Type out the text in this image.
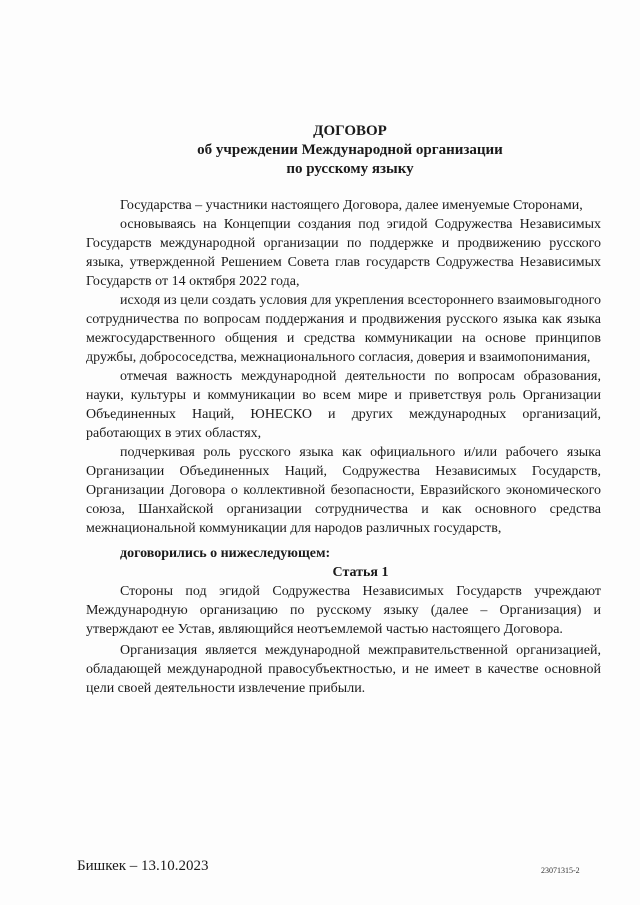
ДОГОВОР
об учреждении Международной организации
по русскому языку

Государства – участники настоящего Договора, далее именуемые Сторонами,

основываясь на Концепции создания под эгидой Содружества Независимых Государств международной организации по поддержке и продвижению русского языка, утвержденной Решением Совета глав государств Содружества Независимых Государств от 14 октября 2022 года,

исходя из цели создать условия для укрепления всестороннего взаимовыгодного сотрудничества по вопросам поддержания и продвижения русского языка как языка межгосударственного общения и средства коммуникации на основе принципов дружбы, добрососедства, межнационального согласия, доверия и взаимопонимания,

отмечая важность международной деятельности по вопросам образования, науки, культуры и коммуникации во всем мире и приветствуя роль Организации Объединенных Наций, ЮНЕСКО и других международных организаций, работающих в этих областях,

подчеркивая роль русского языка как официального и/или рабочего языка Организации Объединенных Наций, Содружества Независимых Государств, Организации Договора о коллективной безопасности, Евразийского экономического союза, Шанхайской организации сотрудничества и как основного средства межнациональной коммуникации для народов различных государств,

договорились о нижеследующем:

Статья 1

Стороны под эгидой Содружества Независимых Государств учреждают Международную организацию по русскому языку (далее – Организация) и утверждают ее Устав, являющийся неотъемлемой частью настоящего Договора.

Организация является международной межправительственной организацией, обладающей международной правосубъектностью, и не имеет в качестве основной цели своей деятельности извлечение прибыли.

Бишкек – 13.10.2023	23071315-2
